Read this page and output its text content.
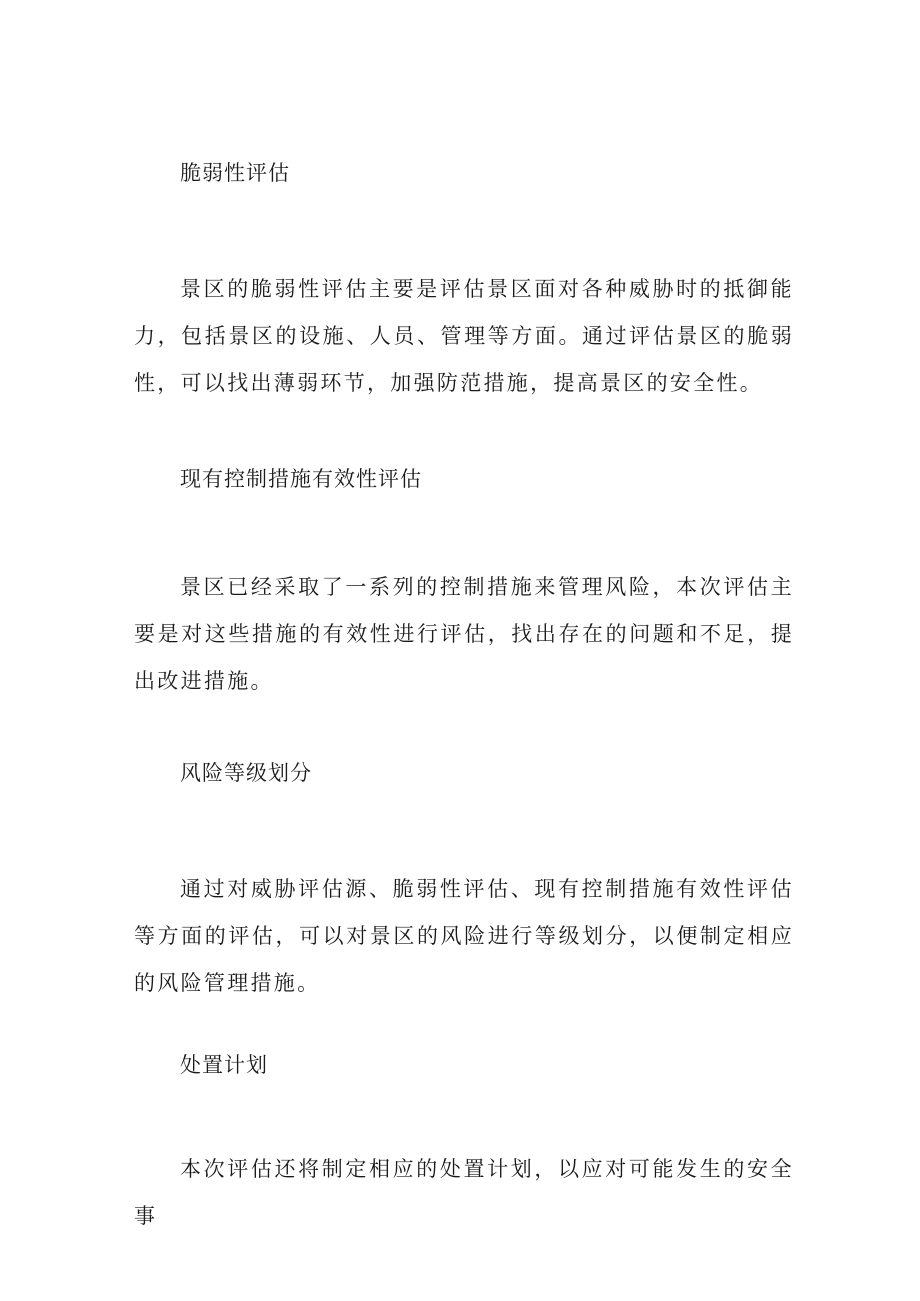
脆弱性评估

景区的脆弱性评估主要是评估景区面对各种威胁时的抵御能力，包括景区的设施、人员、管理等方面。通过评估景区的脆弱性，可以找出薄弱环节，加强防范措施，提高景区的安全性。

现有控制措施有效性评估

景区已经采取了一系列的控制措施来管理风险，本次评估主要是对这些措施的有效性进行评估，找出存在的问题和不足，提出改进措施。

风险等级划分

通过对威胁评估源、脆弱性评估、现有控制措施有效性评估等方面的评估，可以对景区的风险进行等级划分，以便制定相应的风险管理措施。

处置计划

本次评估还将制定相应的处置计划，以应对可能发生的安全事
